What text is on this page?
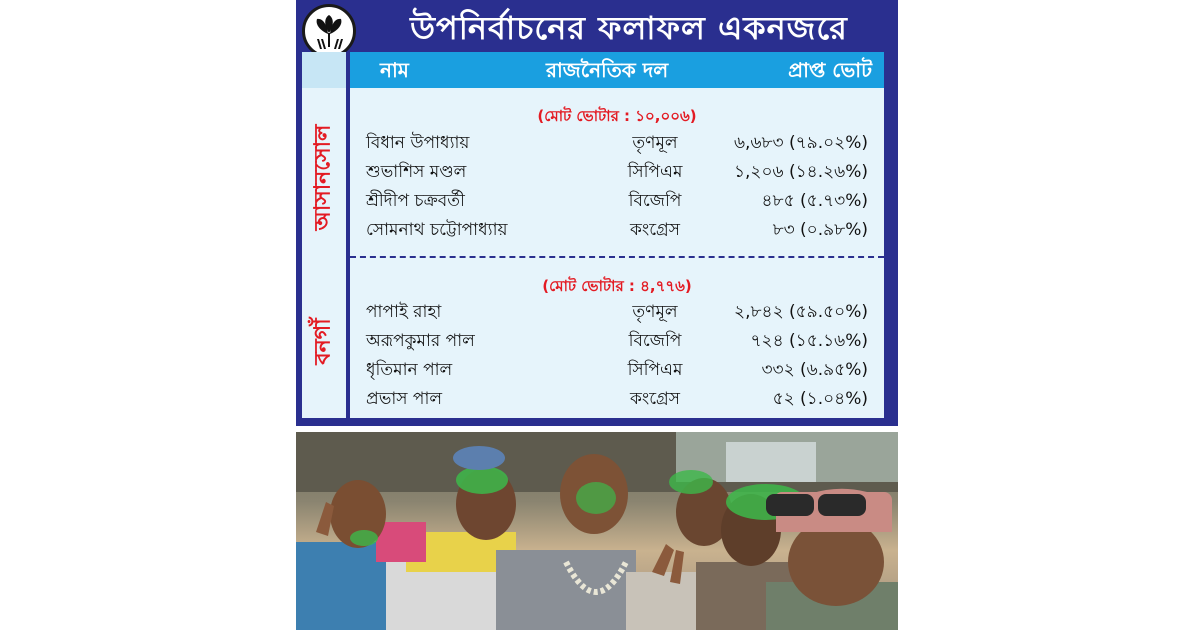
উপনির্বাচনের ফলাফল একনজরে
আসানসোল
বনগাঁ
নাম	রাজনৈতিক দল	প্রাপ্ত ভোট
(মোট ভোটার : ১০,০০৬)
বিধান উপাধ্যায়	তৃণমূল	৬,৬৮৩ (৭৯.০২%)
শুভাশিস মণ্ডল	সিপিএম	১,২০৬ (১৪.২৬%)
শ্রীদীপ চক্রবর্তী	বিজেপি	৪৮৫ (৫.৭৩%)
সোমনাথ চট্টোপাধ্যায়	কংগ্রেস	৮৩ (০.৯৮%)
(মোট ভোটার : ৪,৭৭৬)
পাপাই রাহা	তৃণমূল	২,৮৪২ (৫৯.৫০%)
অরূপকুমার পাল	বিজেপি	৭২৪ (১৫.১৬%)
ধৃতিমান পাল	সিপিএম	৩৩২ (৬.৯৫%)
প্রভাস পাল	কংগ্রেস	৫২ (১.০৪%)
